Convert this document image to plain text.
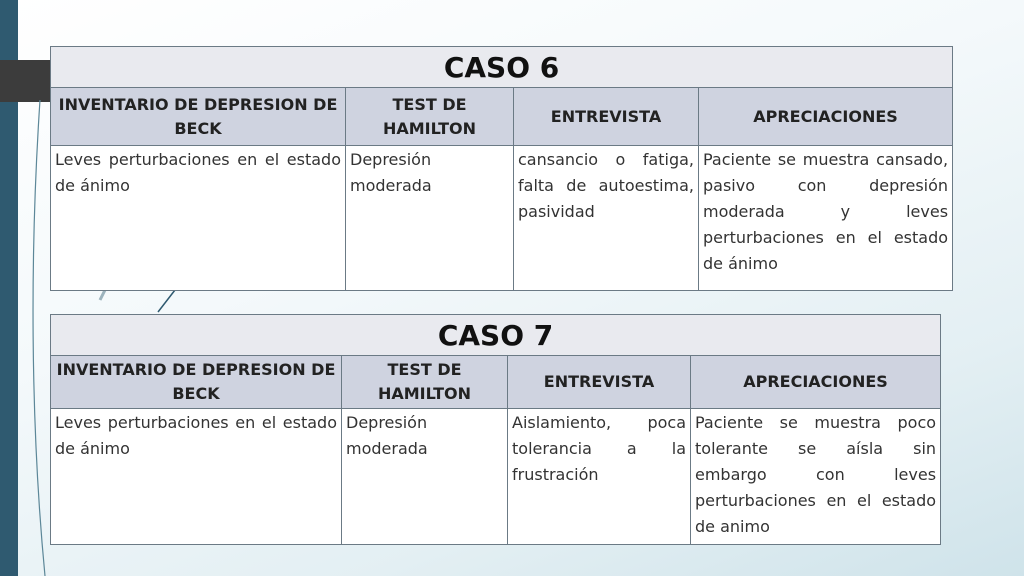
CASO 6			
INVENTARIO DE DEPRESION DE BECK	TEST DE HAMILTON	ENTREVISTA	APRECIACIONES
Leves perturbaciones en el estado de ánimo	Depresión moderada	cansancio o fatiga, falta de autoestima, pasividad	Paciente se muestra cansado, pasivo con depresión moderada y leves perturbaciones en el estado de ánimo
CASO 7			
INVENTARIO DE DEPRESION DE BECK	TEST DE HAMILTON	ENTREVISTA	APRECIACIONES
Leves perturbaciones en el estado de ánimo	Depresión moderada	Aislamiento, poca tolerancia a la frustración	Paciente se muestra poco tolerante se aísla sin embargo con leves perturbaciones en el estado de animo
